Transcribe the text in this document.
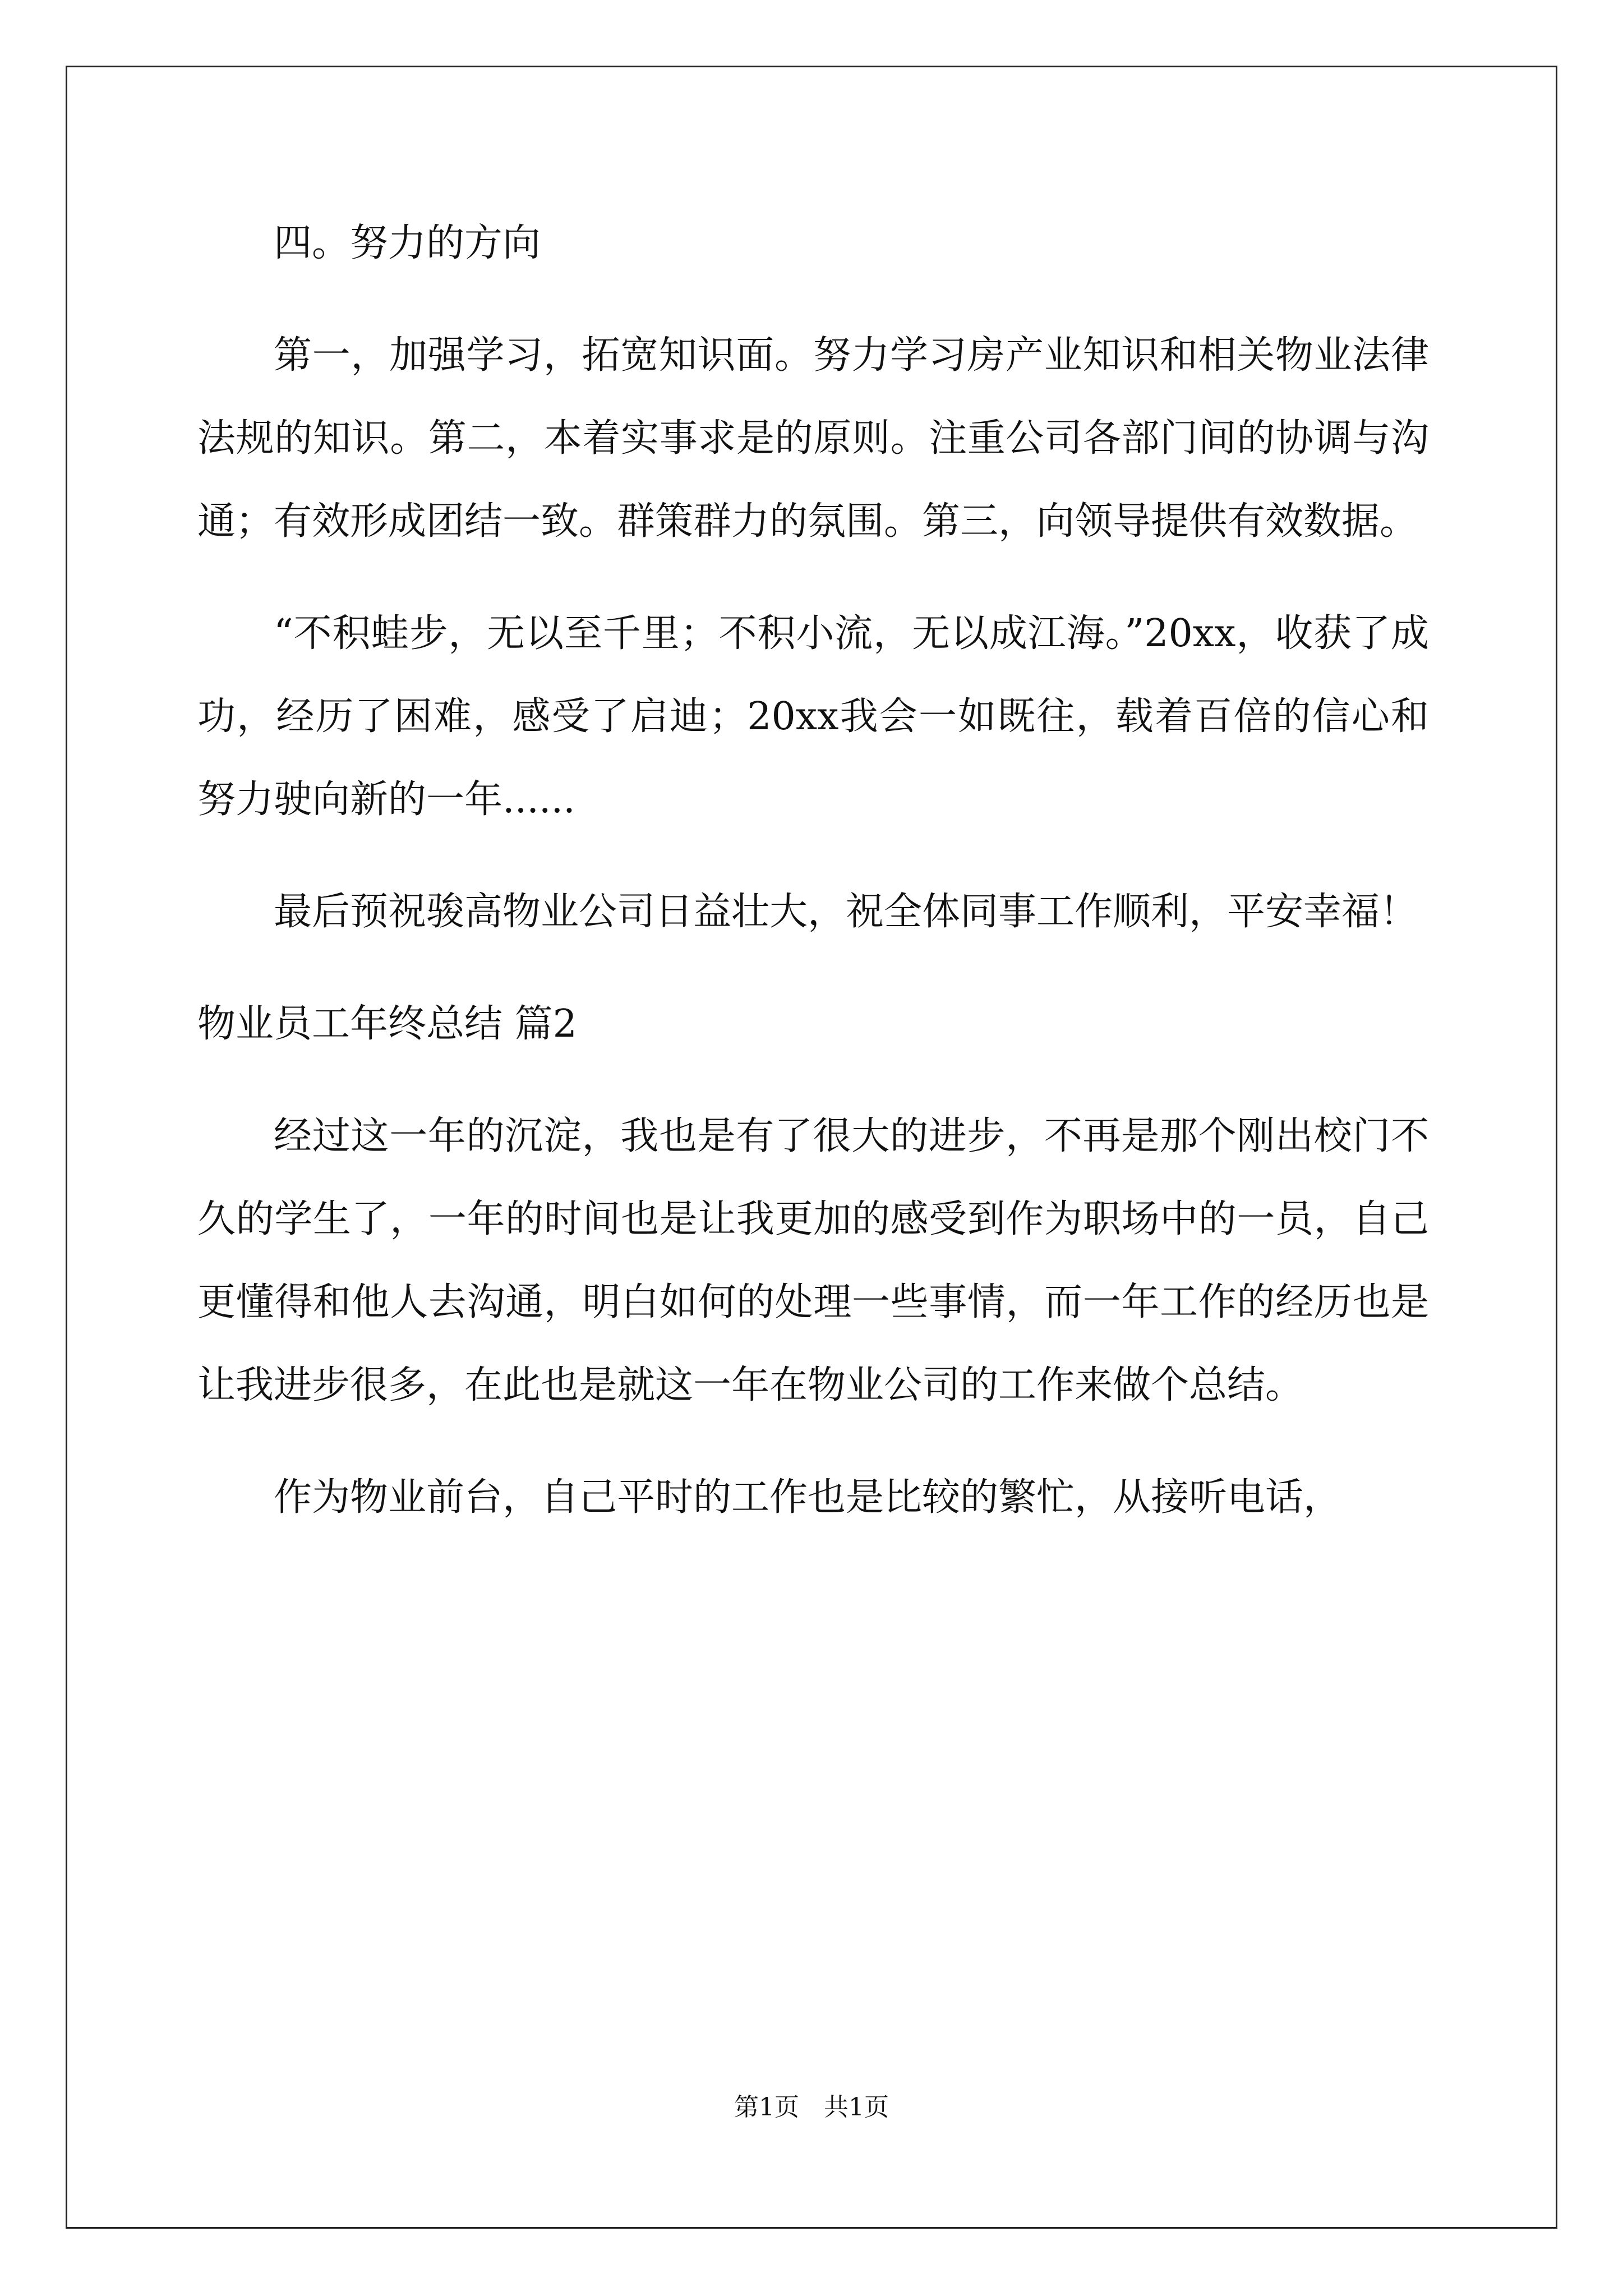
四。努力的方向

第一，加强学习，拓宽知识面。努力学习房产业知识和相关物业法律法规的知识。第二，本着实事求是的原则。注重公司各部门间的协调与沟通；有效形成团结一致。群策群力的氛围。第三，向领导提供有效数据。

“不积蛙步，无以至千里；不积小流，无以成江海。”20xx，收获了成功，经历了困难，感受了启迪；20xx我会一如既往，载着百倍的信心和努力驶向新的一年......

最后预祝骏高物业公司日益壮大，祝全体同事工作顺利，平安幸福！

物业员工年终总结 篇2

经过这一年的沉淀，我也是有了很大的进步，不再是那个刚出校门不久的学生了，一年的时间也是让我更加的感受到作为职场中的一员，自己更懂得和他人去沟通，明白如何的处理一些事情，而一年工作的经历也是让我进步很多，在此也是就这一年在物业公司的工作来做个总结。

作为物业前台，自己平时的工作也是比较的繁忙，从接听电话，

第1页 共1页
